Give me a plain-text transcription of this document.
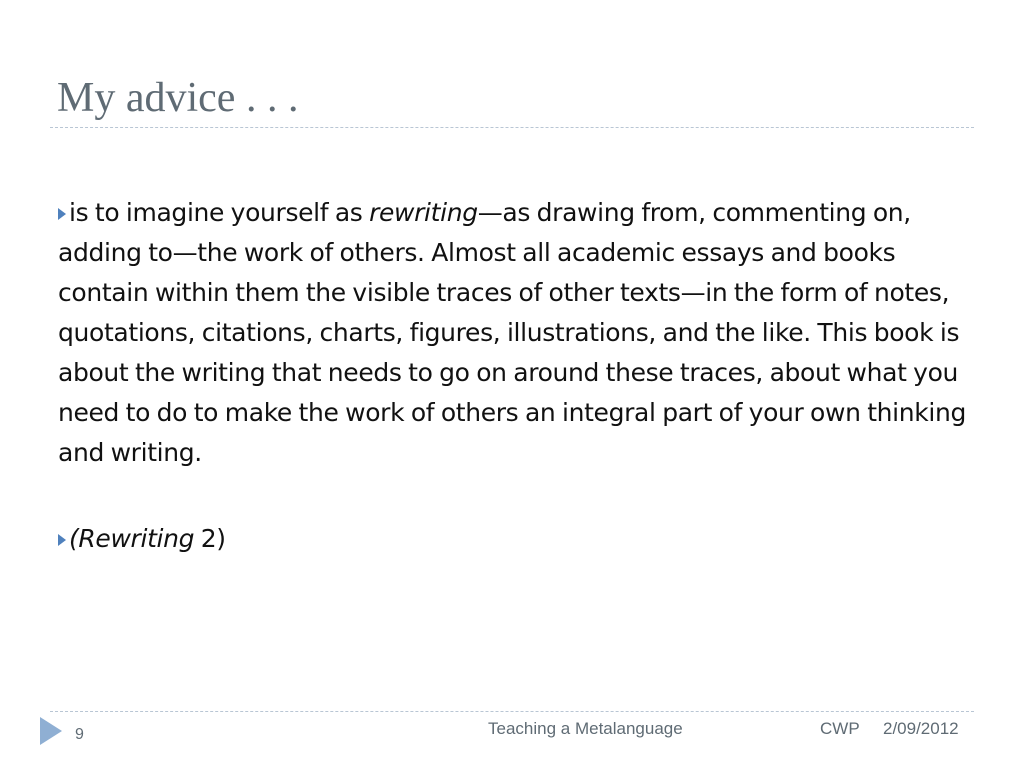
My advice . . .

is to imagine yourself as rewriting—as drawing from, commenting on, adding to—the work of others. Almost all academic essays and books contain within them the visible traces of other texts—in the form of notes, quotations, citations, charts, figures, illustrations, and the like. This book is about the writing that needs to go on around these traces, about what you need to do to make the work of others an integral part of your own thinking and writing.

(Rewriting 2)

9	Teaching a Metalanguage	CWP 2/09/2012
